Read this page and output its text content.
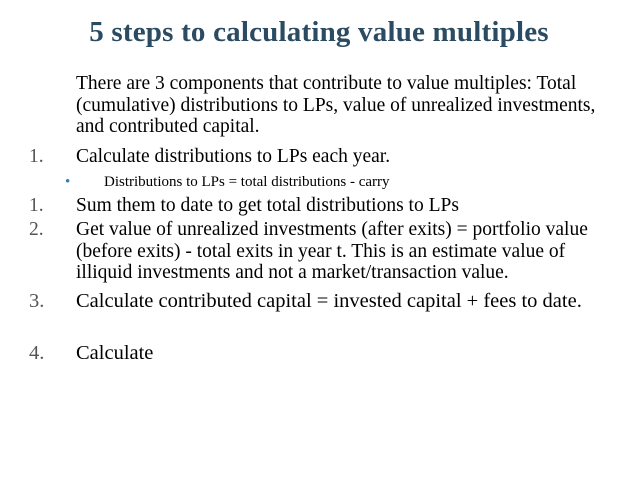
5 steps to calculating value multiples
There are 3 components that contribute to value multiples: Total (cumulative) distributions to LPs, value of unrealized investments, and contributed capital.
1. Calculate distributions to LPs each year.
• Distributions to LPs = total distributions - carry
1. Sum them to date to get total distributions to LPs
2. Get value of unrealized investments (after exits) = portfolio value (before exits) - total exits in year t. This is an estimate value of illiquid investments and not a market/transaction value.
3. Calculate contributed capital = invested capital + fees to date.
4. Calculate
